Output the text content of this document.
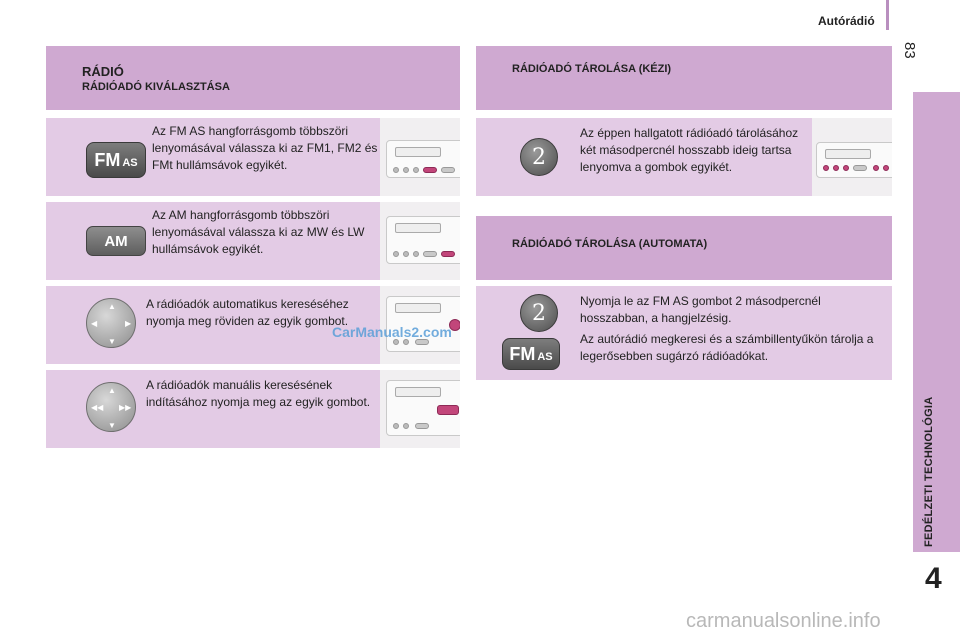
Autórádió
83
FEDÉLZETI TECHNOLÓGIA
4
RÁDIÓ
RÁDIÓADÓ KIVÁLASZTÁSA
FM AS
Az FM AS hangforrásgomb többszöri lenyomásával válassza ki az FM1, FM2 és FMt hullámsávok egyikét.
AM
Az AM hangforrásgomb többszöri lenyomásával válassza ki az MW és LW hullámsávok egyikét.
▲
▼
◀	▶
A rádióadók automatikus kereséséhez nyomja meg röviden az egyik gombot.
CarManuals2.com
▲
▼
◀◀ ▶▶
A rádióadók manuális keresésének indításához nyomja meg az egyik gombot.
RÁDIÓADÓ TÁROLÁSA (KÉZI)
2
Az éppen hallgatott rádióadó tárolásához két másodpercnél hosszabb ideig tartsa lenyomva a gombok egyikét.
RÁDIÓADÓ TÁROLÁSA (AUTOMATA)
2
FM AS
Nyomja le az FM AS gombot 2 másodpercnél hosszabban, a hangjelzésig.
Az autórádió megkeresi és a számbillentyűkön tárolja a legerősebben sugárzó rádióadókat.
carmanualsonline.info
